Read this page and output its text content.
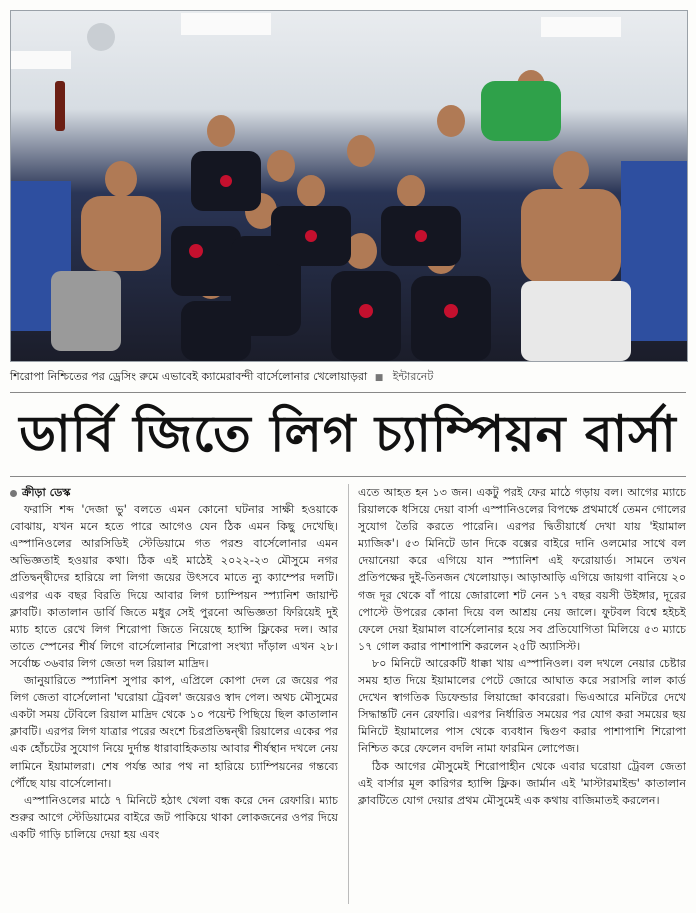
শিরোপা নিশ্চিতের পর ড্রেসিং রুমে এভাবেই ক্যামেরাবন্দী বার্সেলোনার খেলোয়াড়রা ■ ইন্টারনেট
ডার্বি জিতে লিগ চ্যাম্পিয়ন বার্সা
ক্রীড়া ডেস্ক

ফরাসি শব্দ 'দেজা ভু' বলতে এমন কোনো ঘটনার সাক্ষী হওয়াকে বোঝায়, যখন মনে হতে পারে আগেও যেন ঠিক এমন কিছু দেখেছি। এস্পানিওলের আরসিডিই স্টেডিয়ামে গত পরশু বার্সেলোনার এমন অভিজ্ঞতাই হওয়ার কথা। ঠিক এই মাঠেই ২০২২-২৩ মৌসুমে নগর প্রতিদ্বন্দ্বীদের হারিয়ে লা লিগা জয়ের উৎসবে মাতে ন্যু ক্যাম্পের দলটি। এরপর এক বছর বিরতি দিয়ে আবার লিগ চ্যাম্পিয়ন স্প্যানিশ জায়ান্ট ক্লাবটি। কাতালান ডার্বি জিতে মধুর সেই পুরনো অভিজ্ঞতা ফিরিয়েই দুই ম্যাচ হাতে রেখে লিগ শিরোপা জিতে নিয়েছে হ্যান্সি ফ্লিকের দল। আর তাতে স্পেনের শীর্ষ লিগে বার্সেলোনার শিরোপা সংখ্যা দাঁড়াল এখন ২৮। সর্বোচ্চ ৩৬বার লিগ জেতা দল রিয়াল মাদ্রিদ।

জানুয়ারিতে স্প্যানিশ সুপার কাপ, এপ্রিলে কোপা দেল রে জয়ের পর লিগ জেতা বার্সেলোনা 'ঘরোয়া ট্রেবল' জয়েরও স্বাদ পেল। অথচ মৌসুমের একটা সময় টেবিলে রিয়াল মাদ্রিদ থেকে ১০ পয়েন্ট পিছিয়ে ছিল কাতালান ক্লাবটি। এরপর লিগ যাত্রার পরের অংশে চিরপ্রতিদ্বন্দ্বী রিয়ালের একের পর এক হোঁচটের সুযোগ নিয়ে দুর্দান্ত ধারাবাহিকতায় আবার শীর্ষস্থান দখলে নেয় লামিনে ইয়ামালরা। শেষ পর্যন্ত আর পথ না হারিয়ে চ্যাম্পিয়নের গন্তব্যে পৌঁছে যায় বার্সেলোনা।

এস্পানিওলের মাঠে ৭ মিনিটে হঠাৎ খেলা বন্ধ করে দেন রেফারি। ম্যাচ শুরুর আগে স্টেডিয়ামের বাইরে জট পাকিয়ে থাকা লোকজনের ওপর দিয়ে একটি গাড়ি চালিয়ে দেয়া হয় এবং

এতে আহত হন ১৩ জন। একটু পরই ফের মাঠে গড়ায় বল। আগের ম্যাচে রিয়ালকে ধসিয়ে দেয়া বার্সা এস্পানিওলের বিপক্ষে প্রথমার্ধে তেমন গোলের সুযোগ তৈরি করতে পারেনি। এরপর দ্বিতীয়ার্ধে দেখা যায় 'ইয়ামাল ম্যাজিক'। ৫৩ মিনিটে ডান দিকে বক্সের বাইরে দানি ওলমোর সাথে বল দেয়ানেয়া করে এগিয়ে যান স্প্যানিশ এই ফরোয়ার্ড। সামনে তখন প্রতিপক্ষের দুই-তিনজন খেলোয়াড়। আড়াআড়ি এগিয়ে জায়গা বানিয়ে ২০ গজ দূর থেকে বাঁ পায়ে জোরালো শট নেন ১৭ বছর বয়সী উইঙ্গার, দূরের পোস্টে উপরের কোনা দিয়ে বল আশ্রয় নেয় জালে। ফুটবল বিশ্বে হইচই ফেলে দেয়া ইয়ামাল বার্সেলোনার হয়ে সব প্রতিযোগিতা মিলিয়ে ৫৩ ম্যাচে ১৭ গোল করার পাশাপাশি করলেন ২৫টি অ্যাসিস্ট।

৮০ মিনিটে আরেকটি ধাক্কা খায় এস্পানিওল। বল দখলে নেয়ার চেষ্টার সময় হাত দিয়ে ইয়ামালের পেটে জোরে আঘাত করে সরাসরি লাল কার্ড দেখেন স্বাগতিক ডিফেন্ডার লিয়ান্দ্রো কাবরেরা। ভিএআরে মনিটরে দেখে সিদ্ধান্তটি নেন রেফারি। এরপর নির্ধারিত সময়ের পর যোগ করা সময়ের ছয় মিনিটে ইয়ামালের পাস থেকে ব্যবধান দ্বিগুণ করার পাশাপাশি শিরোপা নিশ্চিত করে ফেলেন বদলি নামা ফারমিন লোপেজ।

ঠিক আগের মৌসুমেই শিরোপাহীন থেকে এবার ঘরোয়া ট্রেবল জেতা এই বার্সার মূল কারিগর হ্যান্সি ফ্লিক। জার্মান এই 'মাস্টারমাইন্ড' কাতালান ক্লাবটিতে যোগ দেয়ার প্রথম মৌসুমেই এক কথায় বাজিমাতই করলেন।
